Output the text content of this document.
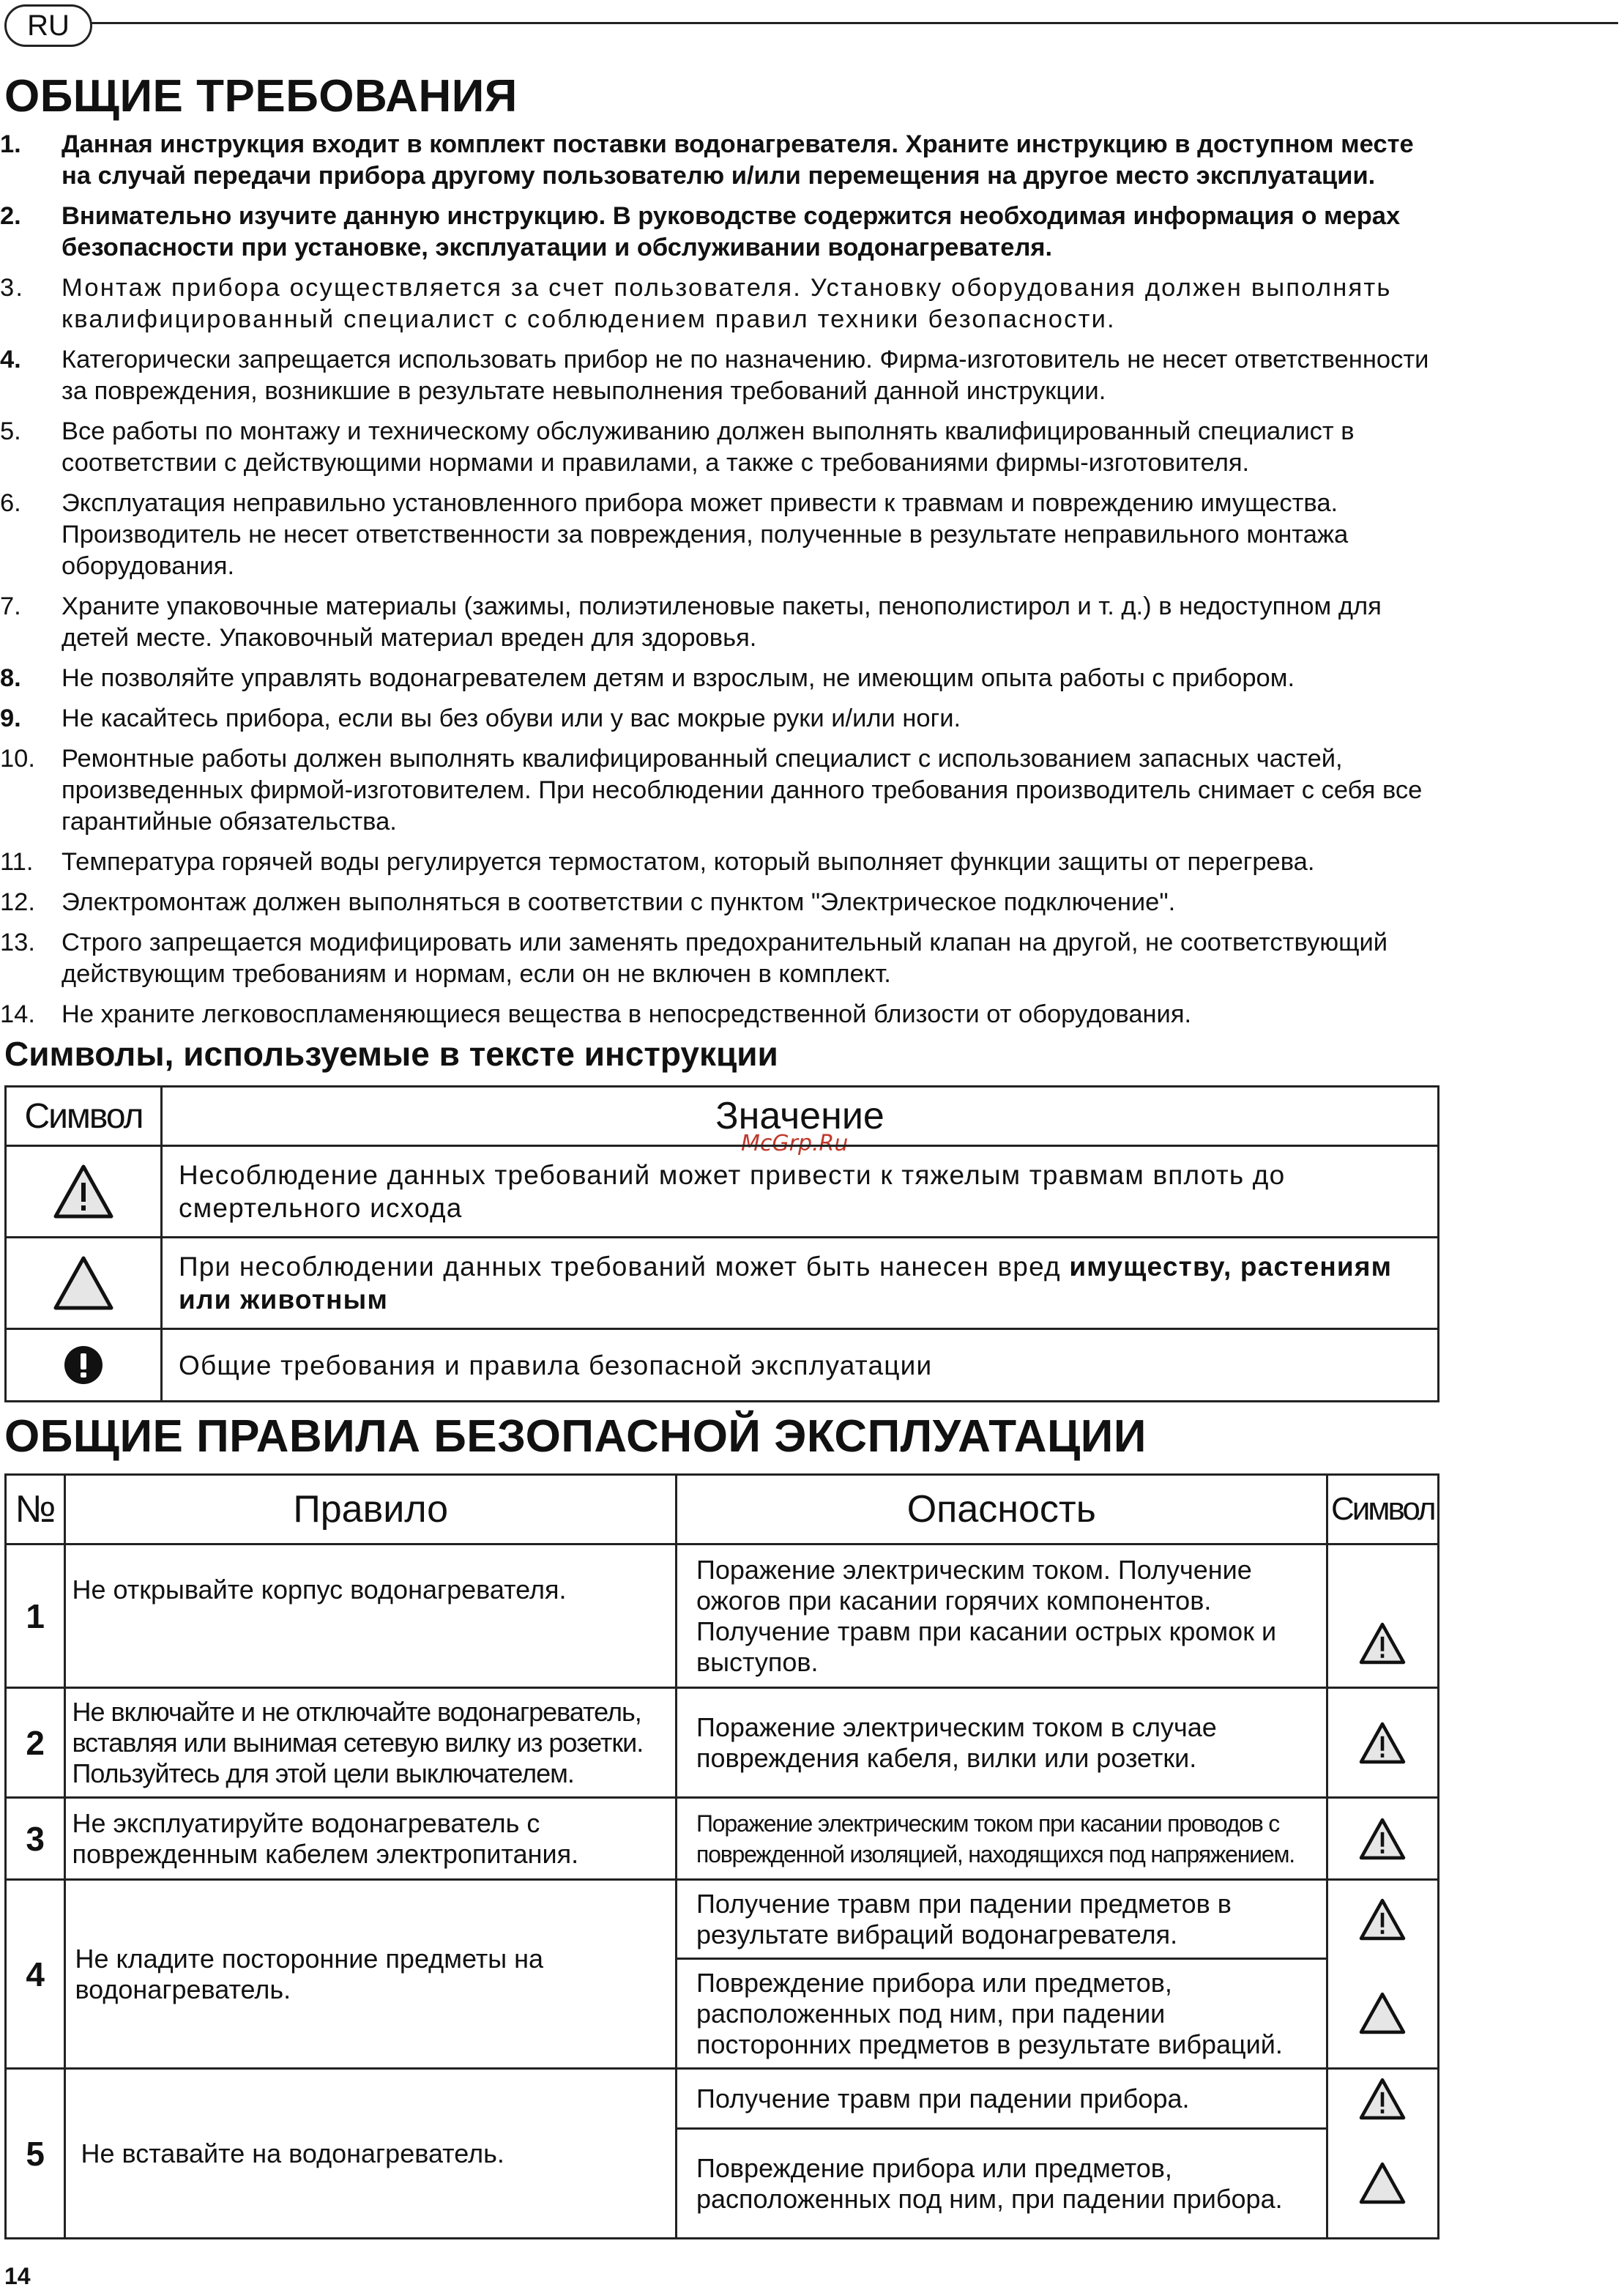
RU
ОБЩИЕ ТРЕБОВАНИЯ
1.	Данная инструкция входит в комплект поставки водонагревателя. Храните инструкцию в доступном месте на случай передачи прибора другому пользователю и/или перемещения на другое место эксплуатации.
2.	Внимательно изучите данную инструкцию. В руководстве содержится необходимая информация о мерах безопасности при установке, эксплуатации и обслуживании водонагревателя.
3.	Монтаж прибора осуществляется за счет пользователя. Установку оборудования должен выполнять квалифицированный специалист с соблюдением правил техники безопасности.
4.	Категорически запрещается использовать прибор не по назначению. Фирма-изготовитель не несет ответственности за повреждения, возникшие в результате невыполнения требований данной инструкции.
5.	Все работы по монтажу и техническому обслуживанию должен выполнять квалифицированный специалист в соответствии с действующими нормами и правилами, а также с требованиями фирмы-изготовителя.
6.	Эксплуатация неправильно установленного прибора может привести к травмам и повреждению имущества. Производитель не несет ответственности за повреждения, полученные в результате неправильного монтажа оборудования.
7.	Храните упаковочные материалы (зажимы, полиэтиленовые пакеты, пенополистирол и т. д.) в недоступном для детей месте. Упаковочный материал вреден для здоровья.
8.	Не позволяйте управлять водонагревателем детям и взрослым, не имеющим опыта работы с прибором.
9.	Не касайтесь прибора, если вы без обуви или у вас мокрые руки и/или ноги.
10.	Ремонтные работы должен выполнять квалифицированный специалист с использованием запасных частей, произведенных фирмой-изготовителем. При несоблюдении данного требования производитель снимает с себя все гарантийные обязательства.
11.	Температура горячей воды регулируется термостатом, который выполняет функции защиты от перегрева.
12.	Электромонтаж должен выполняться в соответствии с пунктом "Электрическое подключение".
13.	Строго запрещается модифицировать или заменять предохранительный клапан на другой, не соответствующий действующим требованиям и нормам, если он не включен в комплект.
14.	Не храните легковоспламеняющиеся вещества в непосредственной близости от оборудования.
Символы, используемые в тексте инструкции
McGrp.Ru
Символ	Значение
	Несоблюдение данных требований может привести к тяжелым травмам вплоть до смертельного исхода
	При несоблюдении данных требований может быть нанесен вред имуществу, растениям или животным
	Общие требования и правила безопасной эксплуатации
ОБЩИЕ ПРАВИЛА БЕЗОПАСНОЙ ЭКСПЛУАТАЦИИ
№	Правило	Опасность	Символ
1	Не открывайте корпус водонагревателя.	Поражение электрическим током. Получение ожогов при касании горячих компонентов. Получение травм при касании острых кромок и выступов.	
2	Не включайте и не отключайте водонагреватель, вставляя или вынимая сетевую вилку из розетки. Пользуйтесь для этой цели выключателем.	Поражение электрическим током в случае повреждения кабеля, вилки или розетки.	
3	Не эксплуатируйте водонагреватель с поврежденным кабелем электропитания.	Поражение электрическим током при касании проводов с поврежденной изоляцией, находящихся под напряжением.	
4	Не кладите посторонние предметы на водонагреватель.	Получение травм при падении предметов в результате вибраций водонагревателя.	
		Повреждение прибора или предметов, расположенных под ним, при падении посторонних предметов в результате вибраций.	
5	Не вставайте на водонагреватель.	Получение травм при падении прибора.	
		Повреждение прибора или предметов, расположенных под ним, при падении прибора.	
14
